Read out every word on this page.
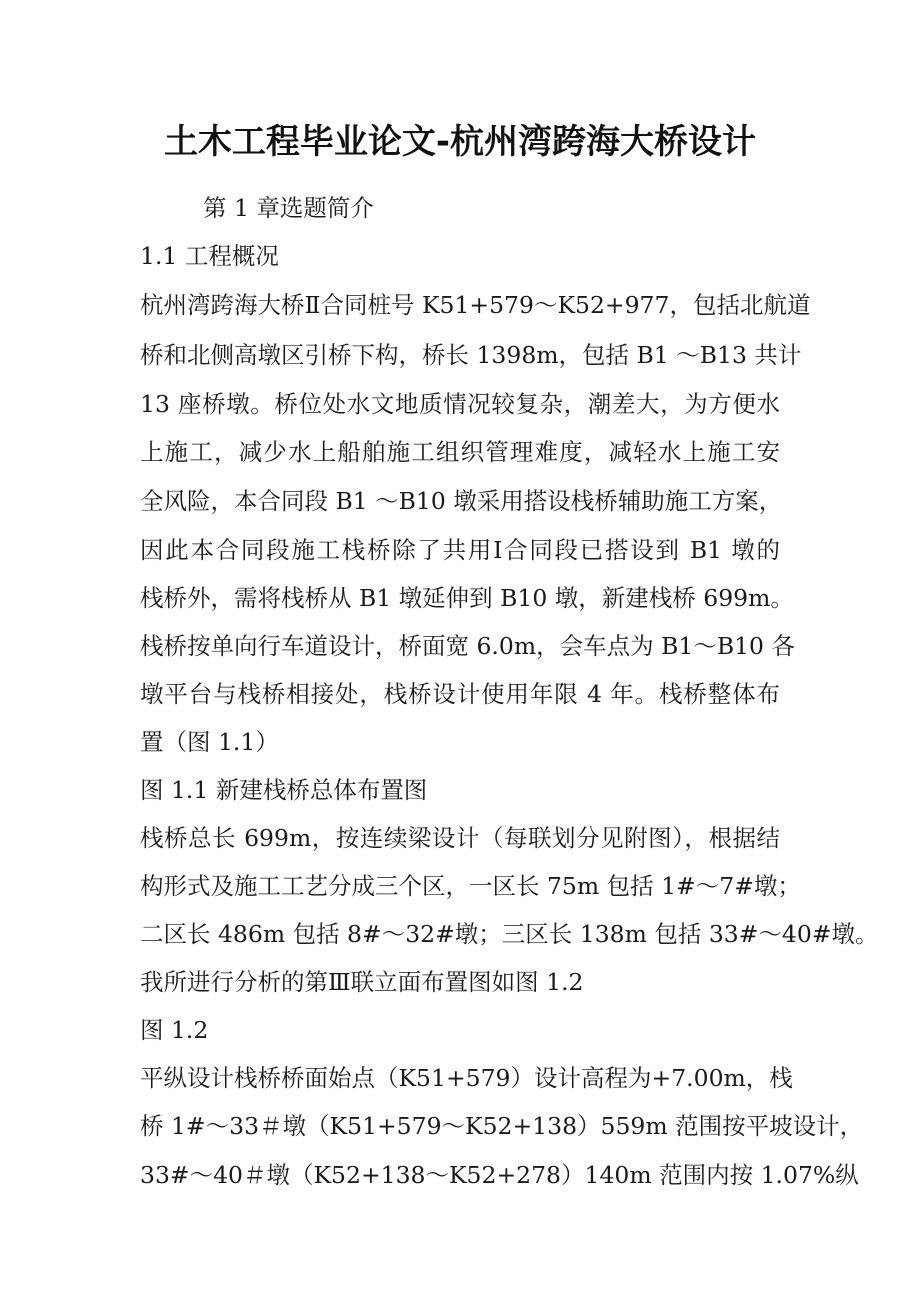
土木工程毕业论文-杭州湾跨海大桥设计

第 1 章选题简介

1.1 工程概况

杭州湾跨海大桥Ⅱ合同桩号 K51+579～K52+977，包括北航道

桥和北侧高墩区引桥下构，桥长 1398m，包括 B1 ～B13 共计

13 座桥墩。桥位处水文地质情况较复杂，潮差大，为方便水

上施工，减少水上船舶施工组织管理难度，减轻水上施工安

全风险，本合同段 B1 ～B10 墩采用搭设栈桥辅助施工方案，

因此本合同段施工栈桥除了共用Ⅰ合同段已搭设到 B1 墩的

栈桥外，需将栈桥从 B1 墩延伸到 B10 墩，新建栈桥 699m。

栈桥按单向行车道设计，桥面宽 6.0m，会车点为 B1～B10 各

墩平台与栈桥相接处，栈桥设计使用年限 4 年。栈桥整体布

置（图 1.1）

图 1.1 新建栈桥总体布置图

栈桥总长 699m，按连续梁设计（每联划分见附图），根据结

构形式及施工工艺分成三个区，一区长 75m 包括 1#～7#墩；

二区长 486m 包括 8#～32#墩；三区长 138m 包括 33#～40#墩。

我所进行分析的第Ⅲ联立面布置图如图 1.2

图 1.2

平纵设计栈桥桥面始点（K51+579）设计高程为+7.00m，栈

桥 1#～33＃墩（K51+579～K52+138）559m 范围按平坡设计，

33#～40＃墩（K52+138～K52+278）140m 范围内按 1.07%纵
